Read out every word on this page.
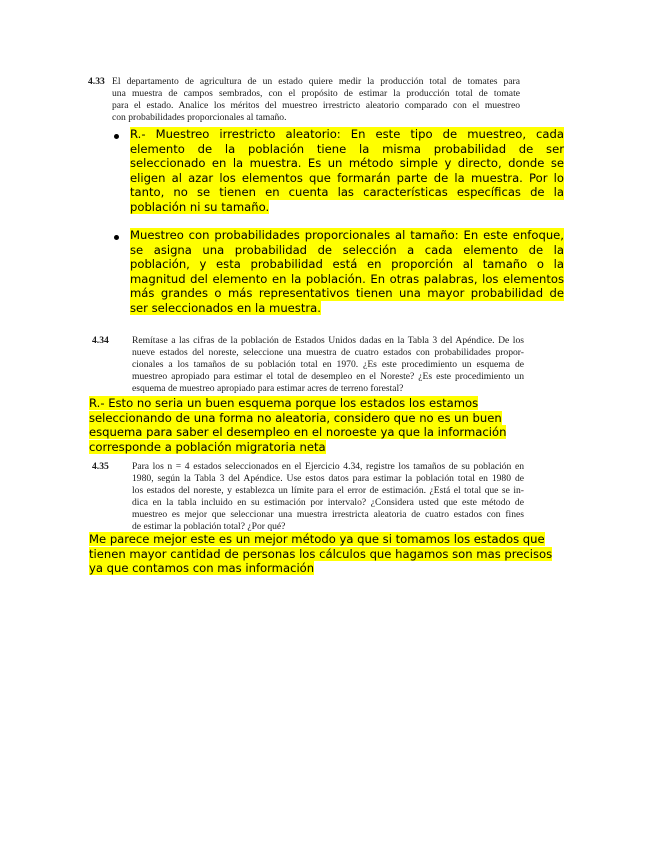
4.33 El departamento de agricultura de un estado quiere medir la producción total de tomates para
una muestra de campos sembrados, con el propósito de estimar la producción total de tomate
para el estado. Analice los méritos del muestreo irrestricto aleatorio comparado con el muestreo
con probabilidades proporcionales al tamaño.
R.- Muestreo irrestricto aleatorio: En este tipo de muestreo, cada
elemento de la población tiene la misma probabilidad de ser
seleccionado en la muestra. Es un método simple y directo, donde se
eligen al azar los elementos que formarán parte de la muestra. Por lo
tanto, no se tienen en cuenta las características específicas de la
población ni su tamaño.
Muestreo con probabilidades proporcionales al tamaño: En este enfoque,
se asigna una probabilidad de selección a cada elemento de la
población, y esta probabilidad está en proporción al tamaño o la
magnitud del elemento en la población. En otras palabras, los elementos
más grandes o más representativos tienen una mayor probabilidad de
ser seleccionados en la muestra.
4.34 Remítase a las cifras de la población de Estados Unidos dadas en la Tabla 3 del Apéndice. De los
nueve estados del noreste, seleccione una muestra de cuatro estados con probabilidades propor-
cionales a los tamaños de su población total en 1970. ¿Es este procedimiento un esquema de
muestreo apropiado para estimar el total de desempleo en el Noreste? ¿Es este procedimiento un
esquema de muestreo apropiado para estimar acres de terreno forestal?
R.- Esto no seria un buen esquema porque los estados los estamos
seleccionando de una forma no aleatoria, considero que no es un buen
esquema para saber el desempleo en el noroeste ya que la información
corresponde a población migratoria neta
4.35 Para los n = 4 estados seleccionados en el Ejercicio 4.34, registre los tamaños de su población en
1980, según la Tabla 3 del Apéndice. Use estos datos para estimar la población total en 1980 de
los estados del noreste, y establezca un límite para el error de estimación. ¿Está el total que se in-
dica en la tabla incluido en su estimación por intervalo? ¿Considera usted que este método de
muestreo es mejor que seleccionar una muestra irrestricta aleatoria de cuatro estados con fines
de estimar la población total? ¿Por qué?
Me parece mejor este es un mejor método ya que si tomamos los estados que
tienen mayor cantidad de personas los cálculos que hagamos son mas precisos
ya que contamos con mas información
